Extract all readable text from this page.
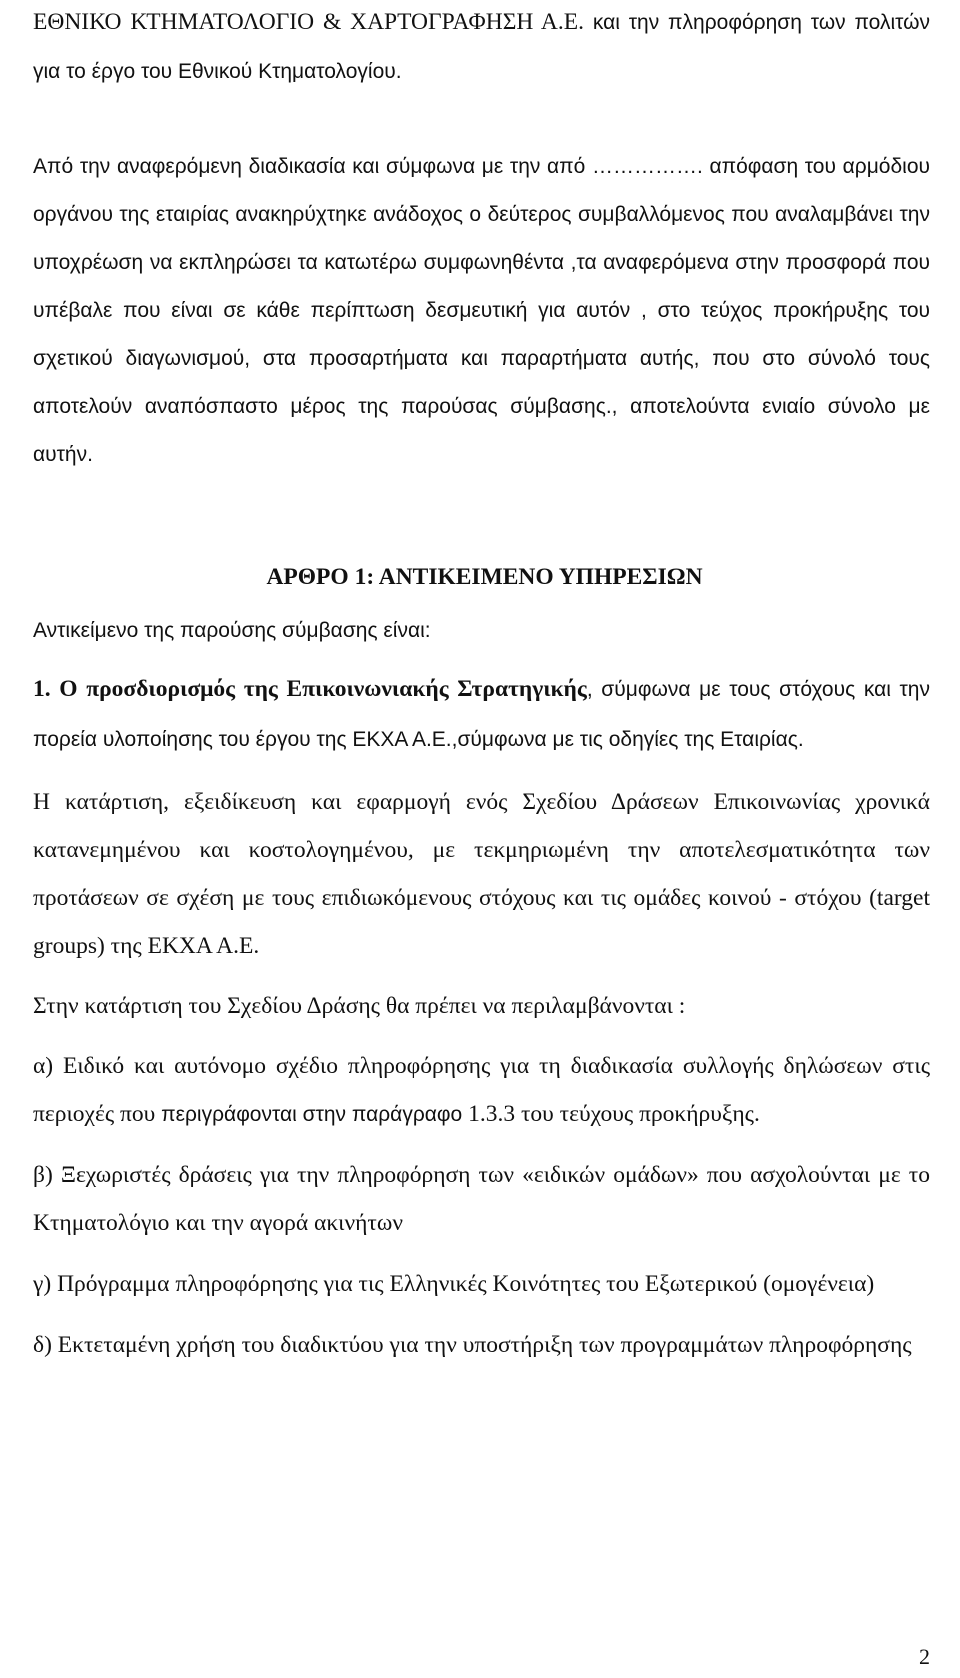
ΕΘΝΙΚΟ ΚΤΗΜΑΤΟΛΟΓΙΟ & ΧΑΡΤΟΓΡΑΦΗΣΗ Α.Ε. και την πληροφόρηση των πολιτών για το έργο του Εθνικού Κτηματολογίου.

Από την αναφερόμενη διαδικασία και σύμφωνα με την από ……………. απόφαση του αρμόδιου οργάνου της εταιρίας ανακηρύχτηκε ανάδοχος ο δεύτερος συμβαλλόμενος που αναλαμβάνει την υποχρέωση να εκπληρώσει τα κατωτέρω συμφωνηθέντα ,τα αναφερόμενα στην προσφορά που υπέβαλε που είναι σε κάθε περίπτωση δεσμευτική για αυτόν , στο τεύχος προκήρυξης του σχετικού διαγωνισμού, στα προσαρτήματα και παραρτήματα αυτής, που στο σύνολό τους αποτελούν αναπόσπαστο μέρος της παρούσας σύμβασης., αποτελούντα ενιαίο σύνολο με αυτήν.

ΑΡΘΡΟ 1: ΑΝΤΙΚΕΙΜΕΝΟ ΥΠΗΡΕΣΙΩΝ

Αντικείμενο της παρούσης σύμβασης είναι:

1. Ο προσδιορισμός της Επικοινωνιακής Στρατηγικής, σύμφωνα με τους στόχους και την πορεία υλοποίησης του έργου της ΕΚΧΑ Α.Ε.,σύμφωνα με τις οδηγίες της Εταιρίας.

Η κατάρτιση, εξειδίκευση και εφαρμογή ενός Σχεδίου Δράσεων Επικοινωνίας χρονικά κατανεμημένου και κοστολογημένου, με τεκμηριωμένη την αποτελεσματικότητα των προτάσεων σε σχέση με τους επιδιωκόμενους στόχους και τις ομάδες κοινού - στόχου (target groups) της ΕΚΧΑ Α.Ε.

Στην κατάρτιση του Σχεδίου Δράσης θα πρέπει να περιλαμβάνονται :

α) Ειδικό και αυτόνομο σχέδιο πληροφόρησης για τη διαδικασία συλλογής δηλώσεων στις περιοχές που περιγράφονται στην παράγραφο 1.3.3 του τεύχους προκήρυξης.

β) Ξεχωριστές δράσεις για την πληροφόρηση των «ειδικών ομάδων» που ασχολούνται με το Κτηματολόγιο και την αγορά ακινήτων

γ) Πρόγραμμα πληροφόρησης για τις Ελληνικές Κοινότητες του Εξωτερικού (ομογένεια)

δ) Εκτεταμένη χρήση του διαδικτύου για την υποστήριξη των προγραμμάτων πληροφόρησης

2
